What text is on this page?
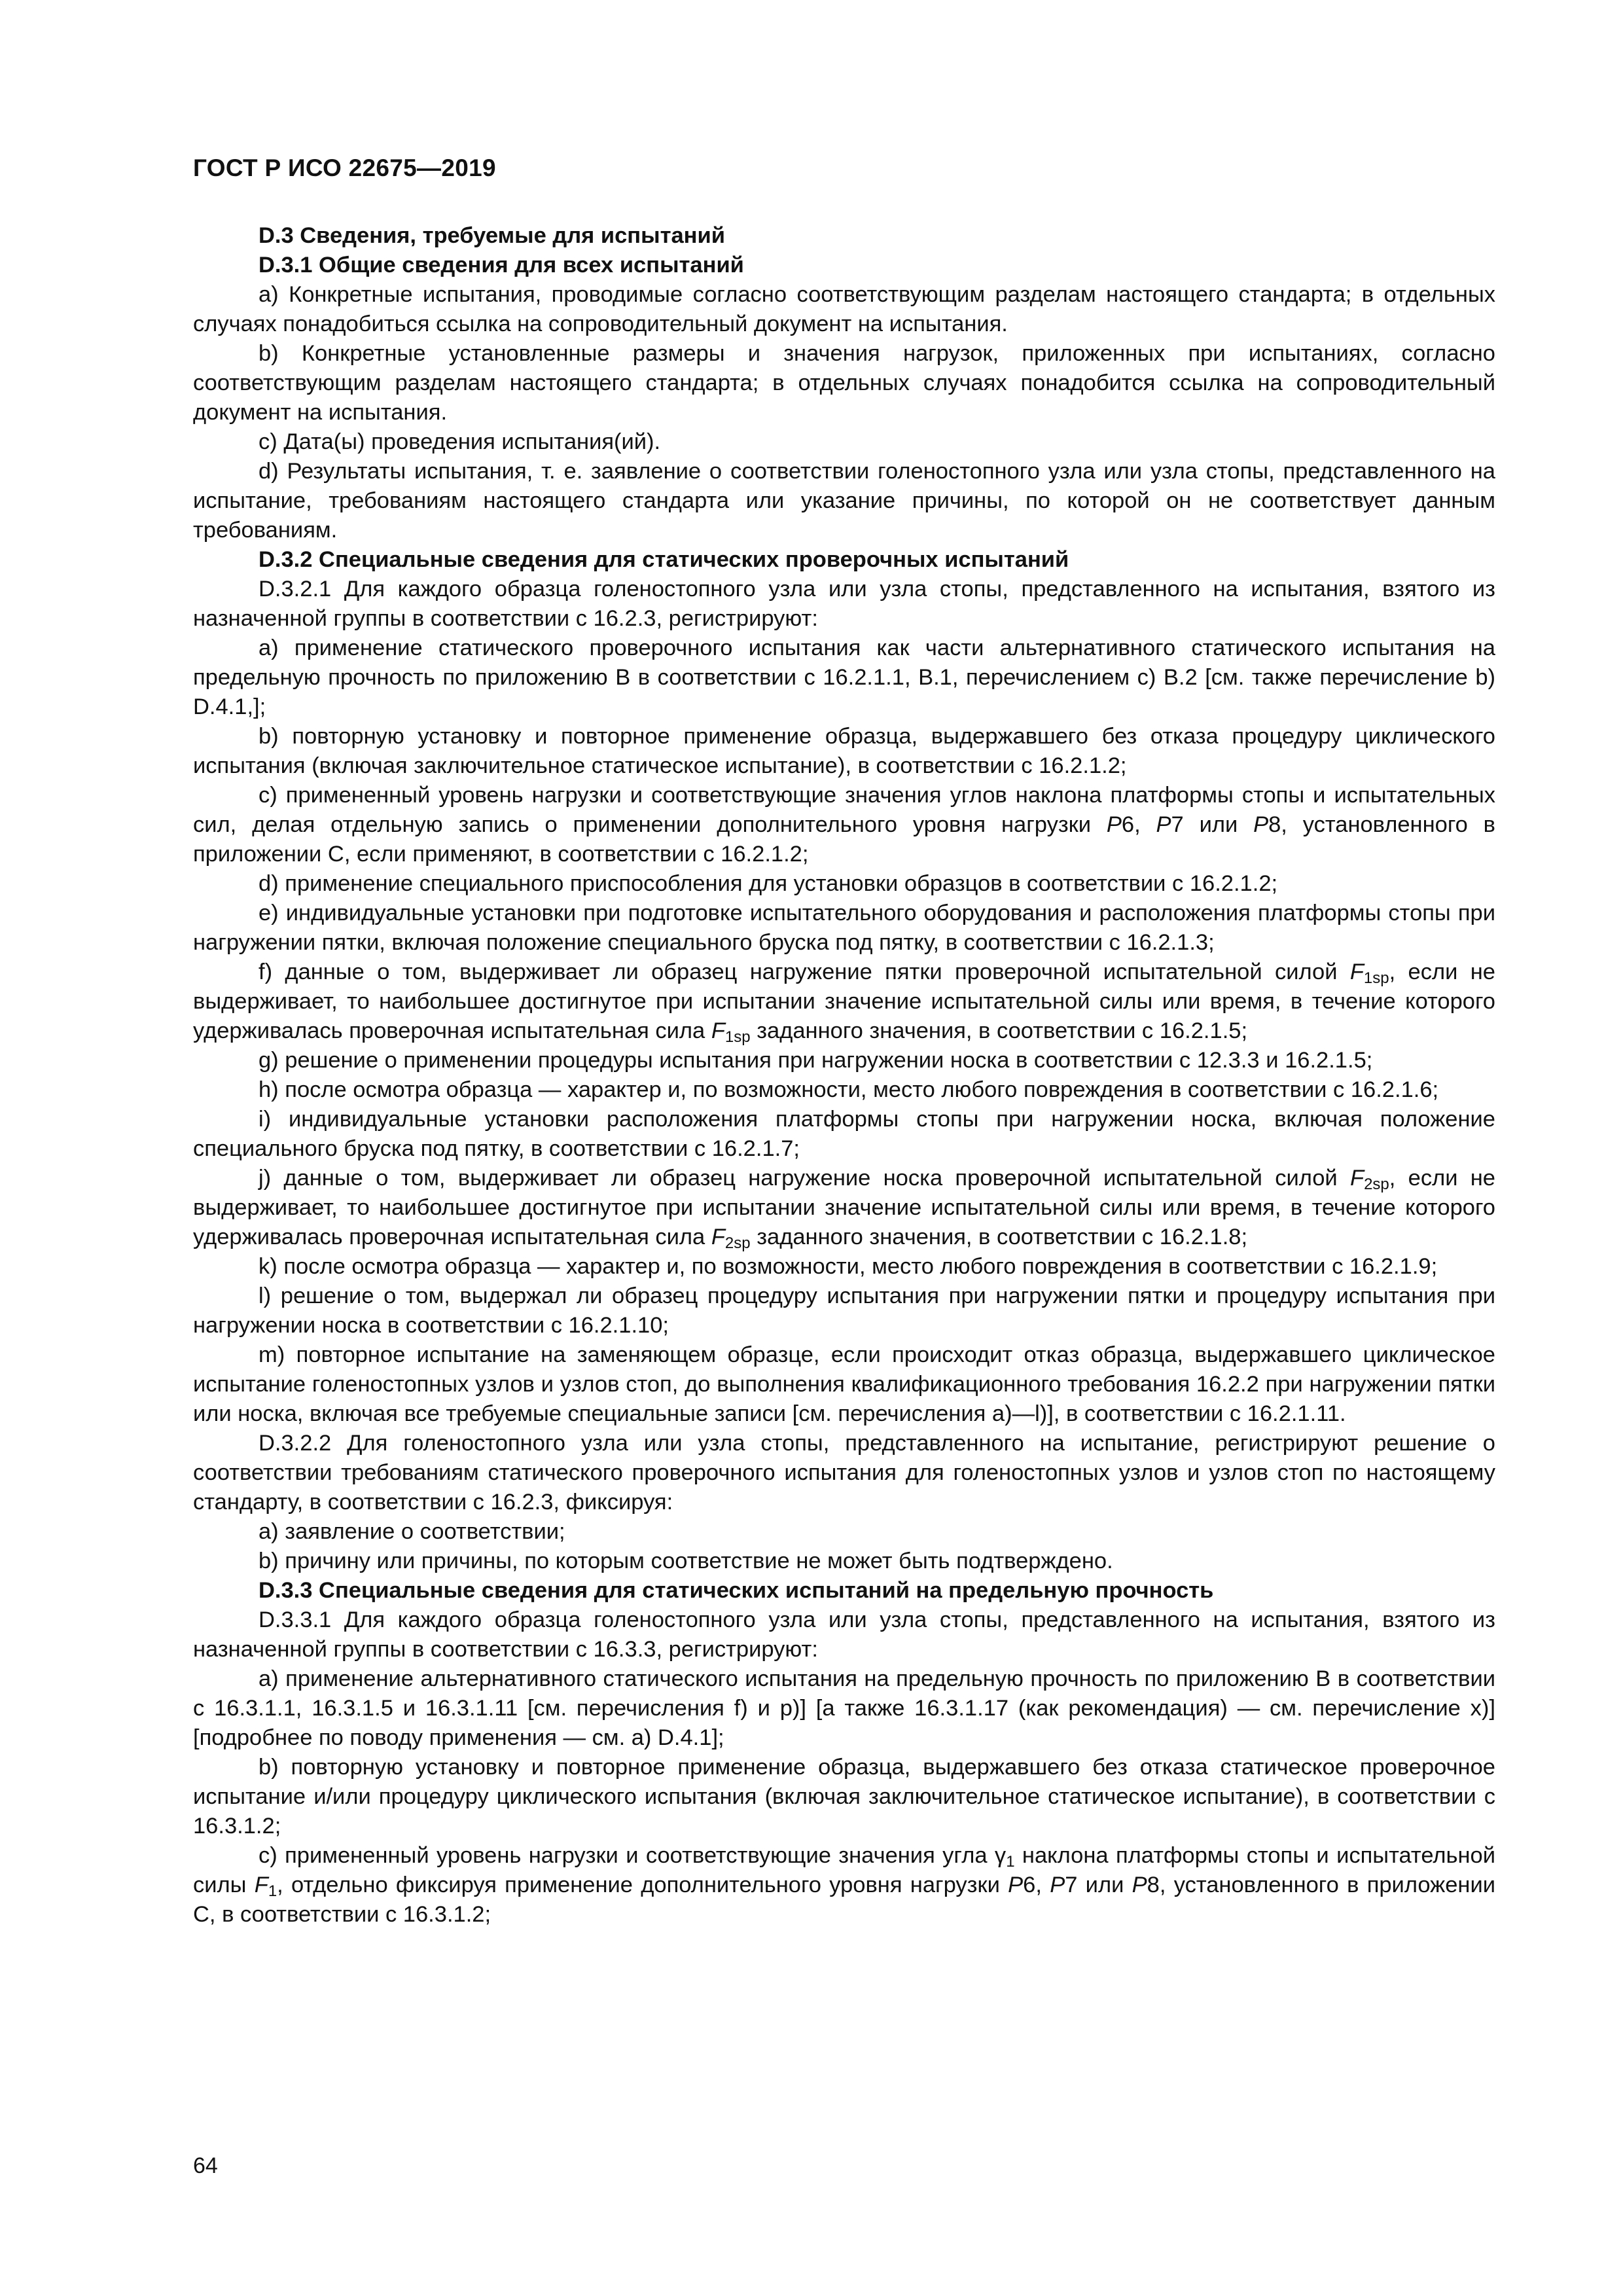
ГОСТ Р ИСО 22675—2019

D.3 Сведения, требуемые для испытаний

D.3.1 Общие сведения для всех испытаний

a) Конкретные испытания, проводимые согласно соответствующим разделам настоящего стандарта; в отдельных случаях понадобиться ссылка на сопроводительный документ на испытания.

b) Конкретные установленные размеры и значения нагрузок, приложенных при испытаниях, согласно соответствующим разделам настоящего стандарта; в отдельных случаях понадобится ссылка на сопроводительный документ на испытания.

c) Дата(ы) проведения испытания(ий).

d) Результаты испытания, т. е. заявление о соответствии голеностопного узла или узла стопы, представленного на испытание, требованиям настоящего стандарта или указание причины, по которой он не соответствует данным требованиям.

D.3.2 Специальные сведения для статических проверочных испытаний

D.3.2.1 Для каждого образца голеностопного узла или узла стопы, представленного на испытания, взятого из назначенной группы в соответствии с 16.2.3, регистрируют:

a) применение статического проверочного испытания как части альтернативного статического испытания на предельную прочность по приложению В в соответствии с 16.2.1.1, В.1, перечислением с) В.2 [см. также перечисление b) D.4.1,];

b) повторную установку и повторное применение образца, выдержавшего без отказа процедуру циклического испытания (включая заключительное статическое испытание), в соответствии с 16.2.1.2;

c) примененный уровень нагрузки и соответствующие значения углов наклона платформы стопы и испытательных сил, делая отдельную запись о применении дополнительного уровня нагрузки P6, P7 или P8, установленного в приложении С, если применяют, в соответствии с 16.2.1.2;

d) применение специального приспособления для установки образцов в соответствии с 16.2.1.2;

e) индивидуальные установки при подготовке испытательного оборудования и расположения платформы стопы при нагружении пятки, включая положение специального бруска под пятку, в соответствии с 16.2.1.3;

f) данные о том, выдерживает ли образец нагружение пятки проверочной испытательной силой $F_{1sp}$, если не выдерживает, то наибольшее достигнутое при испытании значение испытательной силы или время, в течение которого удерживалась проверочная испытательная сила $F_{1sp}$ заданного значения, в соответствии с 16.2.1.5;

g) решение о применении процедуры испытания при нагружении носка в соответствии с 12.3.3 и 16.2.1.5;

h) после осмотра образца — характер и, по возможности, место любого повреждения в соответствии с 16.2.1.6;

i) индивидуальные установки расположения платформы стопы при нагружении носка, включая положение специального бруска под пятку, в соответствии с 16.2.1.7;

j) данные о том, выдерживает ли образец нагружение носка проверочной испытательной силой $F_{2sp}$, если не выдерживает, то наибольшее достигнутое при испытании значение испытательной силы или время, в течение которого удерживалась проверочная испытательная сила $F_{2sp}$ заданного значения, в соответствии с 16.2.1.8;

k) после осмотра образца — характер и, по возможности, место любого повреждения в соответствии с 16.2.1.9;

l) решение о том, выдержал ли образец процедуру испытания при нагружении пятки и процедуру испытания при нагружении носка в соответствии с 16.2.1.10;

m) повторное испытание на заменяющем образце, если происходит отказ образца, выдержавшего циклическое испытание голеностопных узлов и узлов стоп, до выполнения квалификационного требования 16.2.2 при нагружении пятки или носка, включая все требуемые специальные записи [см. перечисления а)—l)], в соответствии с 16.2.1.11.

D.3.2.2 Для голеностопного узла или узла стопы, представленного на испытание, регистрируют решение о соответствии требованиям статического проверочного испытания для голеностопных узлов и узлов стоп по настоящему стандарту, в соответствии с 16.2.3, фиксируя:

a) заявление о соответствии;

b) причину или причины, по которым соответствие не может быть подтверждено.

D.3.3 Специальные сведения для статических испытаний на предельную прочность

D.3.3.1 Для каждого образца голеностопного узла или узла стопы, представленного на испытания, взятого из назначенной группы в соответствии с 16.3.3, регистрируют:

a) применение альтернативного статического испытания на предельную прочность по приложению В в соответствии с 16.3.1.1, 16.3.1.5 и 16.3.1.11 [см. перечисления f) и р)] [а также 16.3.1.17 (как рекомендация) — см. перечисление х)] [подробнее по поводу применения — см. а) D.4.1];

b) повторную установку и повторное применение образца, выдержавшего без отказа статическое проверочное испытание и/или процедуру циклического испытания (включая заключительное статическое испытание), в соответствии с 16.3.1.2;

c) примененный уровень нагрузки и соответствующие значения угла $\gamma_1$ наклона платформы стопы и испытательной силы $F_1$, отдельно фиксируя применение дополнительного уровня нагрузки P6, P7 или P8, установленного в приложении С, в соответствии с 16.3.1.2;

64
